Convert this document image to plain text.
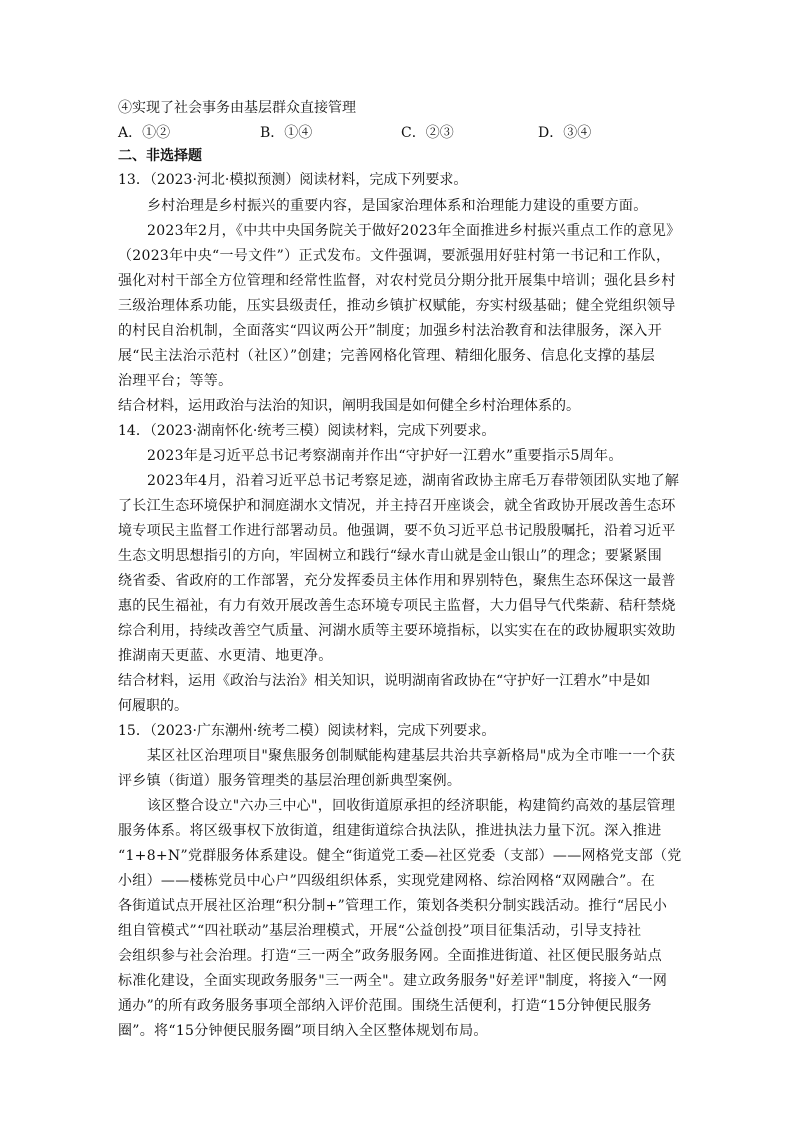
④实现了社会事务由基层群众直接管理
A．①②	B．①④	C．②③	D．③④
二、非选择题
13．（2023·河北·模拟预测）阅读材料，完成下列要求。
乡村治理是乡村振兴的重要内容，是国家治理体系和治理能力建设的重要方面。
2023年2月，《中共中央国务院关于做好2023年全面推进乡村振兴重点工作的意见》
（2023年中央“一号文件”）正式发布。文件强调，要派强用好驻村第一书记和工作队，
强化对村干部全方位管理和经常性监督，对农村党员分期分批开展集中培训；强化县乡村
三级治理体系功能，压实县级责任，推动乡镇扩权赋能，夯实村级基础；健全党组织领导
的村民自治机制，全面落实“四议两公开”制度；加强乡村法治教育和法律服务，深入开
展“民主法治示范村（社区）”创建；完善网格化管理、精细化服务、信息化支撑的基层
治理平台；等等。
结合材料，运用政治与法治的知识，阐明我国是如何健全乡村治理体系的。
14．（2023·湖南怀化·统考三模）阅读材料，完成下列要求。
2023年是习近平总书记考察湖南并作出“守护好一江碧水”重要指示5周年。
2023年4月，沿着习近平总书记考察足迹，湖南省政协主席毛万春带领团队实地了解
了长江生态环境保护和洞庭湖水文情况，并主持召开座谈会，就全省政协开展改善生态环
境专项民主监督工作进行部署动员。他强调，要不负习近平总书记殷殷嘱托，沿着习近平
生态文明思想指引的方向，牢固树立和践行“绿水青山就是金山银山”的理念；要紧紧围
绕省委、省政府的工作部署，充分发挥委员主体作用和界别特色，聚焦生态环保这一最普
惠的民生福祉，有力有效开展改善生态环境专项民主监督，大力倡导气代柴薪、秸秆禁烧
综合利用，持续改善空气质量、河湖水质等主要环境指标，以实实在在的政协履职实效助
推湖南天更蓝、水更清、地更净。
结合材料，运用《政治与法治》相关知识，说明湖南省政协在“守护好一江碧水”中是如
何履职的。
15．（2023·广东潮州·统考二模）阅读材料，完成下列要求。
某区社区治理项目"聚焦服务创制赋能构建基层共治共享新格局"成为全市唯一一个获
评乡镇（街道）服务管理类的基层治理创新典型案例。
该区整合设立"六办三中心"，回收街道原承担的经济职能，构建简约高效的基层管理
服务体系。将区级事权下放街道，组建街道综合执法队，推进执法力量下沉。深入推进
“1+8+N”党群服务体系建设。健全“街道党工委—社区党委（支部）——网格党支部（党
小组）——楼栋党员中心户”四级组织体系，实现党建网格、综治网格“双网融合”。在
各街道试点开展社区治理“积分制+”管理工作，策划各类积分制实践活动。推行“居民小
组自管模式”“四社联动”基层治理模式，开展“公益创投”项目征集活动，引导支持社
会组织参与社会治理。打造“三一两全”政务服务网。全面推进街道、社区便民服务站点
标准化建设，全面实现政务服务"三一两全"。建立政务服务"好差评"制度，将接入“一网
通办”的所有政务服务事项全部纳入评价范围。围绕生活便利，打造“15分钟便民服务
圈”。将“15分钟便民服务圈”项目纳入全区整体规划布局。
